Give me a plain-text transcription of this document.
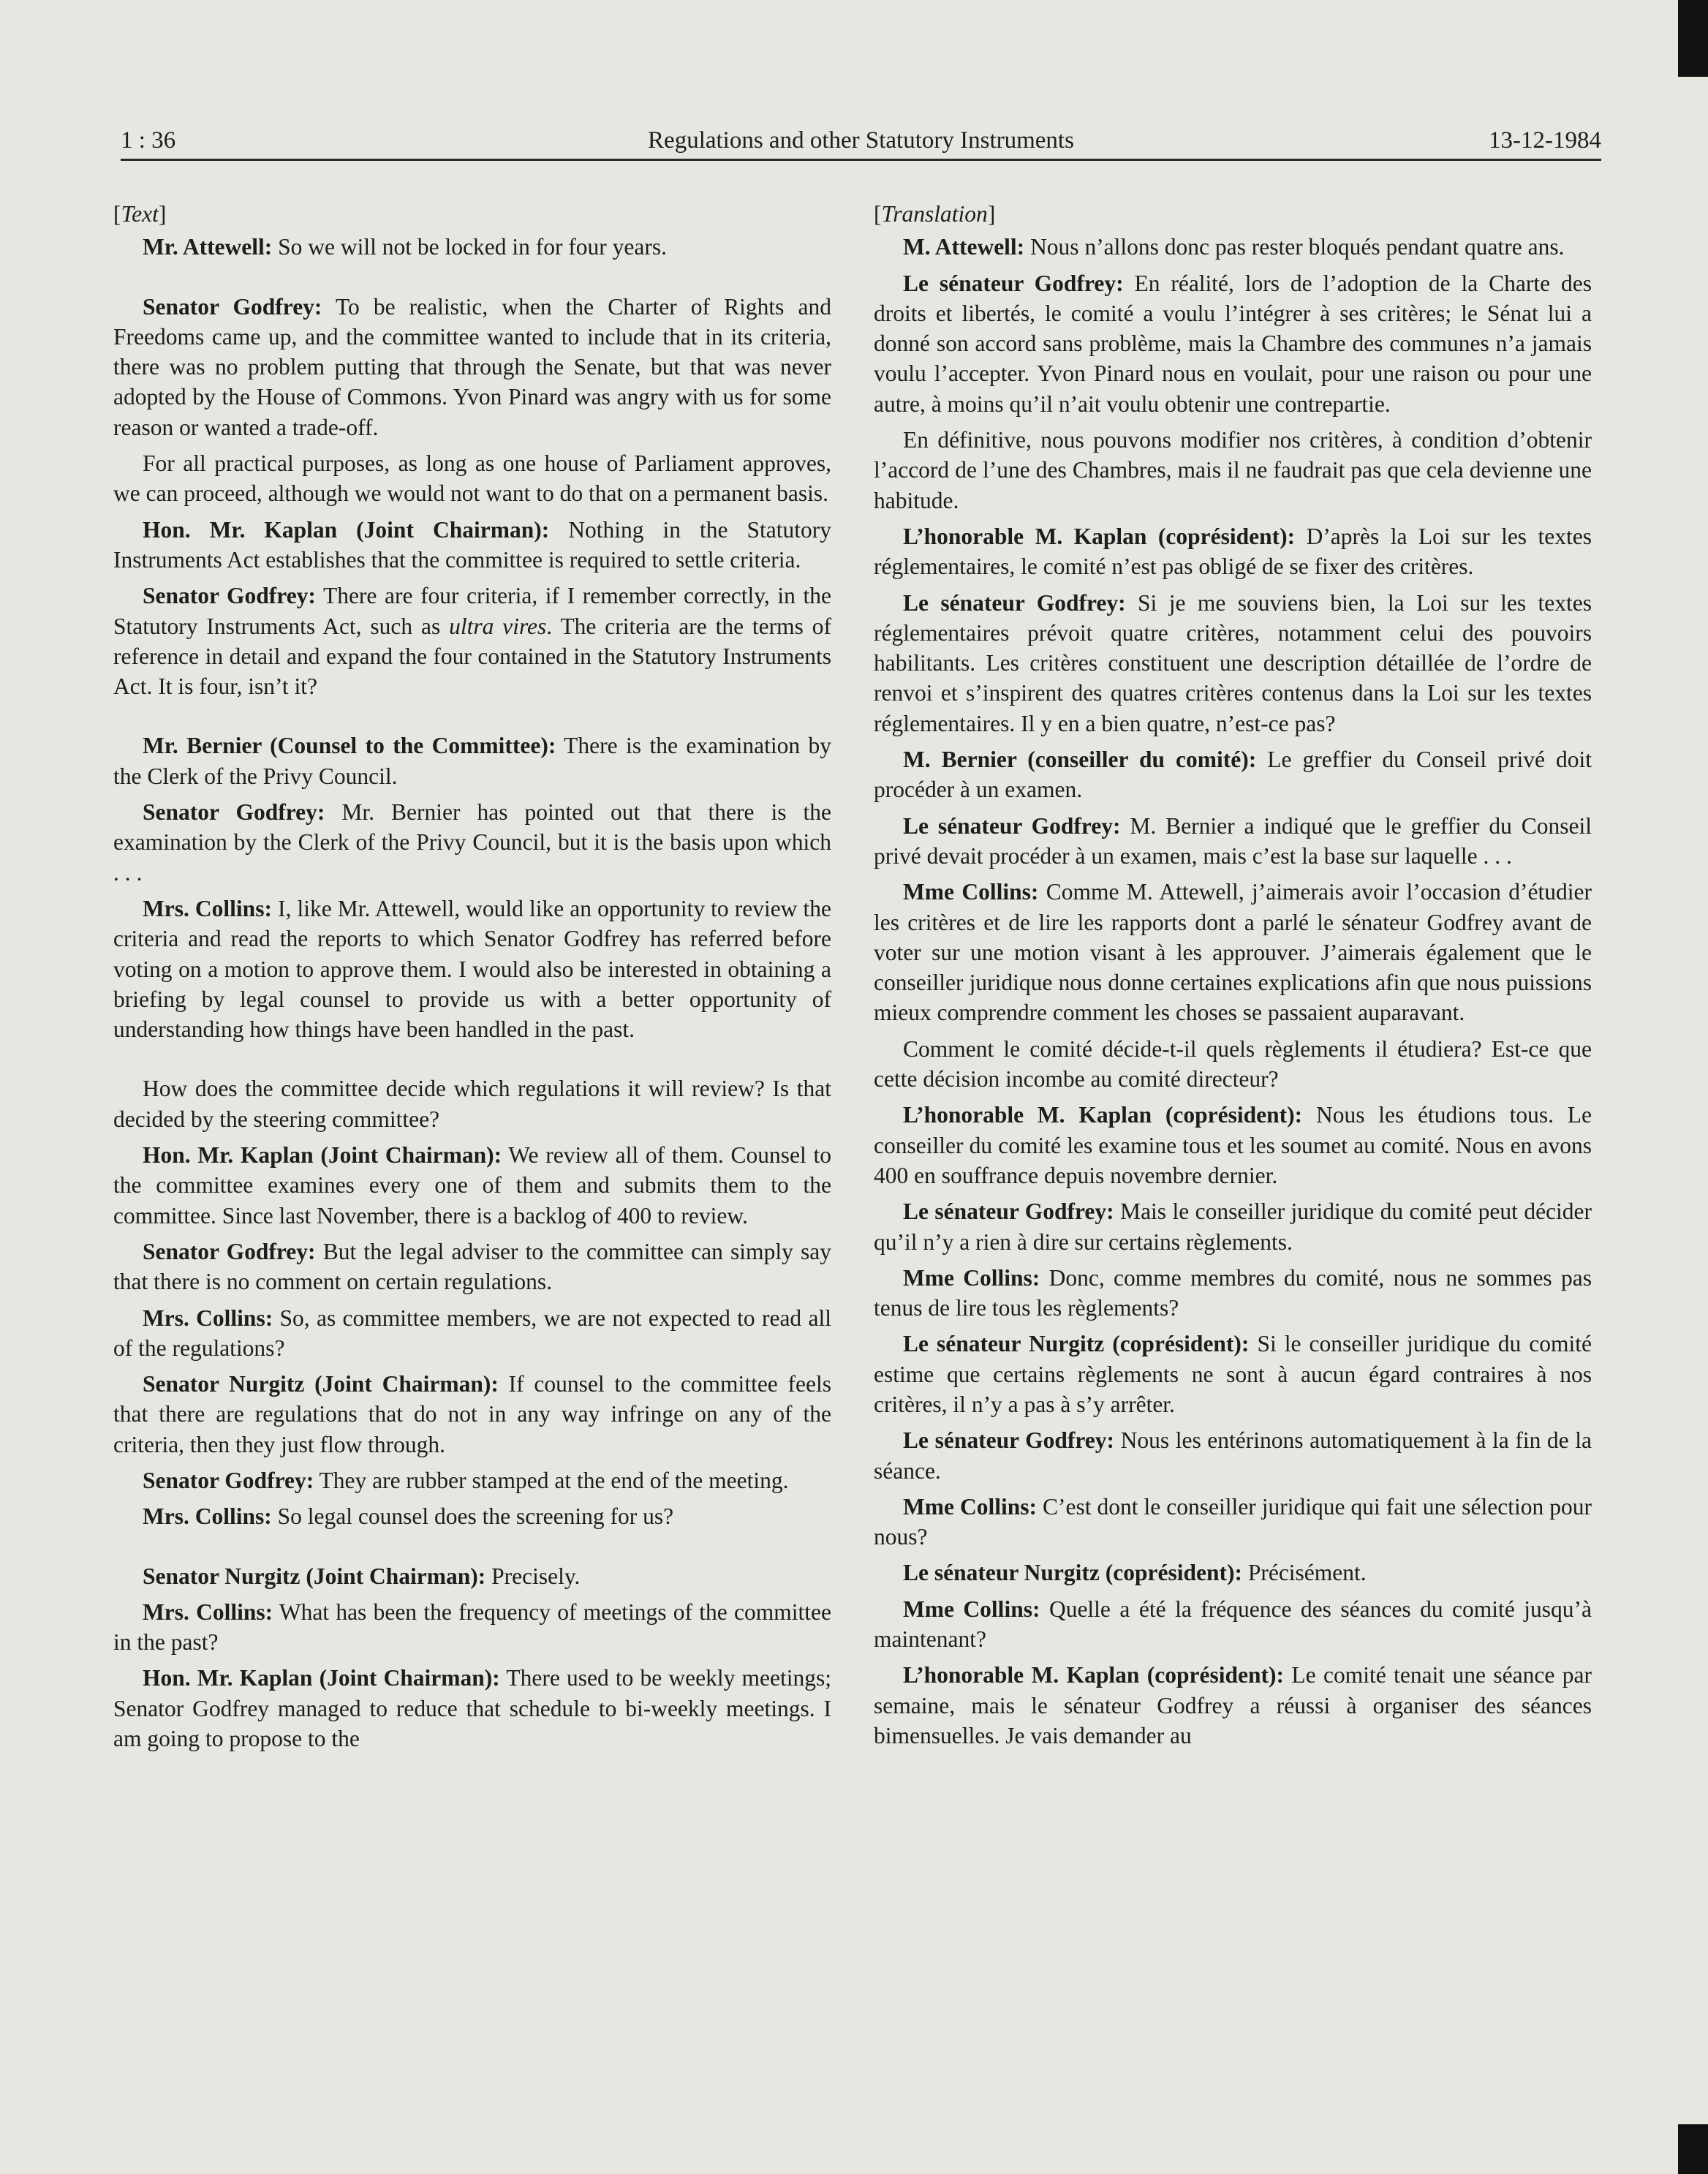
1 : 36	Regulations and other Statutory Instruments	13-12-1984

[Text]

Mr. Attewell: So we will not be locked in for four years.

Senator Godfrey: To be realistic, when the Charter of Rights and Freedoms came up, and the committee wanted to include that in its criteria, there was no problem putting that through the Senate, but that was never adopted by the House of Commons. Yvon Pinard was angry with us for some reason or wanted a trade-off.

For all practical purposes, as long as one house of Parliament approves, we can proceed, although we would not want to do that on a permanent basis.

Hon. Mr. Kaplan (Joint Chairman): Nothing in the Statutory Instruments Act establishes that the committee is required to settle criteria.

Senator Godfrey: There are four criteria, if I remember correctly, in the Statutory Instruments Act, such as ultra vires. The criteria are the terms of reference in detail and expand the four contained in the Statutory Instruments Act. It is four, isn’t it?

Mr. Bernier (Counsel to the Committee): There is the examination by the Clerk of the Privy Council.

Senator Godfrey: Mr. Bernier has pointed out that there is the examination by the Clerk of the Privy Council, but it is the basis upon which . . .

Mrs. Collins: I, like Mr. Attewell, would like an opportunity to review the criteria and read the reports to which Senator Godfrey has referred before voting on a motion to approve them. I would also be interested in obtaining a briefing by legal counsel to provide us with a better opportunity of understanding how things have been handled in the past.

How does the committee decide which regulations it will review? Is that decided by the steering committee?

Hon. Mr. Kaplan (Joint Chairman): We review all of them. Counsel to the committee examines every one of them and submits them to the committee. Since last November, there is a backlog of 400 to review.

Senator Godfrey: But the legal adviser to the committee can simply say that there is no comment on certain regulations.

Mrs. Collins: So, as committee members, we are not expected to read all of the regulations?

Senator Nurgitz (Joint Chairman): If counsel to the committee feels that there are regulations that do not in any way infringe on any of the criteria, then they just flow through.

Senator Godfrey: They are rubber stamped at the end of the meeting.

Mrs. Collins: So legal counsel does the screening for us?

Senator Nurgitz (Joint Chairman): Precisely.

Mrs. Collins: What has been the frequency of meetings of the committee in the past?

Hon. Mr. Kaplan (Joint Chairman): There used to be weekly meetings; Senator Godfrey managed to reduce that schedule to bi-weekly meetings. I am going to propose to the

[Translation]

M. Attewell: Nous n’allons donc pas rester bloqués pendant quatre ans.

Le sénateur Godfrey: En réalité, lors de l’adoption de la Charte des droits et libertés, le comité a voulu l’intégrer à ses critères; le Sénat lui a donné son accord sans problème, mais la Chambre des communes n’a jamais voulu l’accepter. Yvon Pinard nous en voulait, pour une raison ou pour une autre, à moins qu’il n’ait voulu obtenir une contrepartie.

En définitive, nous pouvons modifier nos critères, à condition d’obtenir l’accord de l’une des Chambres, mais il ne faudrait pas que cela devienne une habitude.

L’honorable M. Kaplan (coprésident): D’après la Loi sur les textes réglementaires, le comité n’est pas obligé de se fixer des critères.

Le sénateur Godfrey: Si je me souviens bien, la Loi sur les textes réglementaires prévoit quatre critères, notamment celui des pouvoirs habilitants. Les critères constituent une description détaillée de l’ordre de renvoi et s’inspirent des quatres critères contenus dans la Loi sur les textes réglementaires. Il y en a bien quatre, n’est-ce pas?

M. Bernier (conseiller du comité): Le greffier du Conseil privé doit procéder à un examen.

Le sénateur Godfrey: M. Bernier a indiqué que le greffier du Conseil privé devait procéder à un examen, mais c’est la base sur laquelle . . .

Mme Collins: Comme M. Attewell, j’aimerais avoir l’occasion d’étudier les critères et de lire les rapports dont a parlé le sénateur Godfrey avant de voter sur une motion visant à les approuver. J’aimerais également que le conseiller juridique nous donne certaines explications afin que nous puissions mieux comprendre comment les choses se passaient auparavant.

Comment le comité décide-t-il quels règlements il étudiera? Est-ce que cette décision incombe au comité directeur?

L’honorable M. Kaplan (coprésident): Nous les étudions tous. Le conseiller du comité les examine tous et les soumet au comité. Nous en avons 400 en souffrance depuis novembre dernier.

Le sénateur Godfrey: Mais le conseiller juridique du comité peut décider qu’il n’y a rien à dire sur certains règlements.

Mme Collins: Donc, comme membres du comité, nous ne sommes pas tenus de lire tous les règlements?

Le sénateur Nurgitz (coprésident): Si le conseiller juridique du comité estime que certains règlements ne sont à aucun égard contraires à nos critères, il n’y a pas à s’y arrêter.

Le sénateur Godfrey: Nous les entérinons automatiquement à la fin de la séance.

Mme Collins: C’est dont le conseiller juridique qui fait une sélection pour nous?

Le sénateur Nurgitz (coprésident): Précisément.

Mme Collins: Quelle a été la fréquence des séances du comité jusqu’à maintenant?

L’honorable M. Kaplan (coprésident): Le comité tenait une séance par semaine, mais le sénateur Godfrey a réussi à organiser des séances bimensuelles. Je vais demander au
